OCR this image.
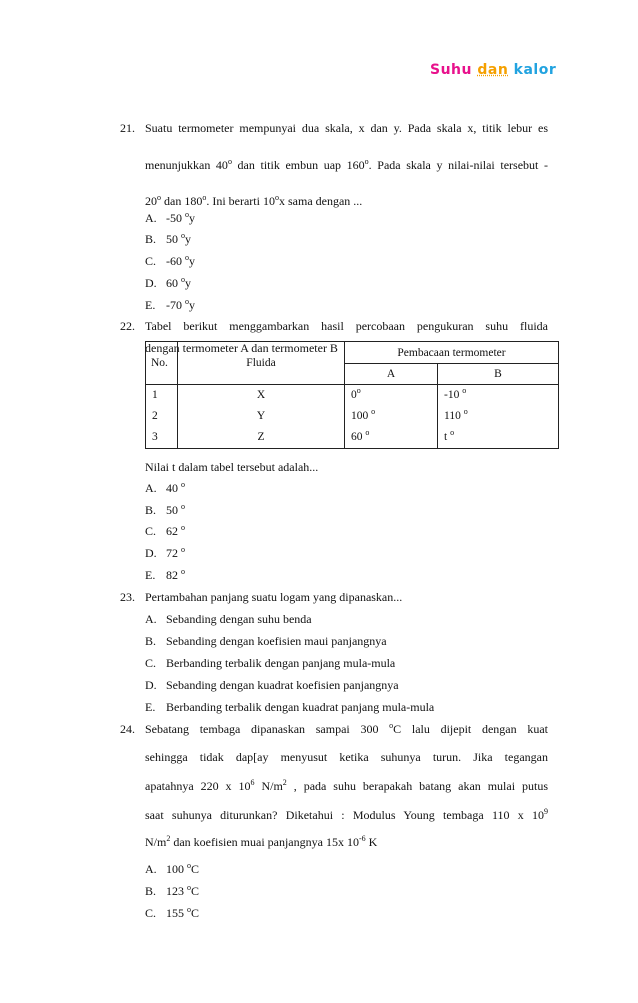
Suhu dan kalor
21. Suatu termometer mempunyai dua skala, x dan y. Pada skala x, titik lebur es
menunjukkan 40$^o$ dan titik embun uap 160$^o$. Pada skala y nilai-nilai tersebut -
20$^o$ dan 180$^o$. Ini berarti 10$^o$x sama dengan ...
A. -50 $^o$y
B. 50 $^o$y
C. -60 $^o$y
D. 60 $^o$y
E. -70 $^o$y
22. Tabel berikut menggambarkan hasil percobaan pengukuran suhu fluida
dengan termometer A dan termometer B
No.	Fluida	Pembacaan termometer	
		A	B
1	X	0$^o$	-10 $^o$
2	Y	100 $^o$	110 $^o$
3	Z	60 $^o$	t $^o$
Nilai t dalam tabel tersebut adalah...
A. 40 $^o$
B. 50 $^o$
C. 62 $^o$
D. 72 $^o$
E. 82 $^o$
23. Pertambahan panjang suatu logam yang dipanaskan...
A. Sebanding dengan suhu benda
B. Sebanding dengan koefisien maui panjangnya
C. Berbanding terbalik dengan panjang mula-mula
D. Sebanding dengan kuadrat koefisien panjangnya
E. Berbanding terbalik dengan kuadrat panjang mula-mula
24. Sebatang tembaga dipanaskan sampai 300 $^o$C lalu dijepit dengan kuat
sehingga tidak dap[ay menyusut ketika suhunya turun. Jika tegangan
apatahnya 220 x $10^6$ $N/m^2$ , pada suhu berapakah batang akan mulai putus
saat suhunya diturunkan? Diketahui : Modulus Young tembaga 110 x $10^9$
$N/m^2$ dan koefisien muai panjangnya 15x $10^{-6}$ K
A. 100 $^o$C
B. 123 $^o$C
C. 155 $^o$C
